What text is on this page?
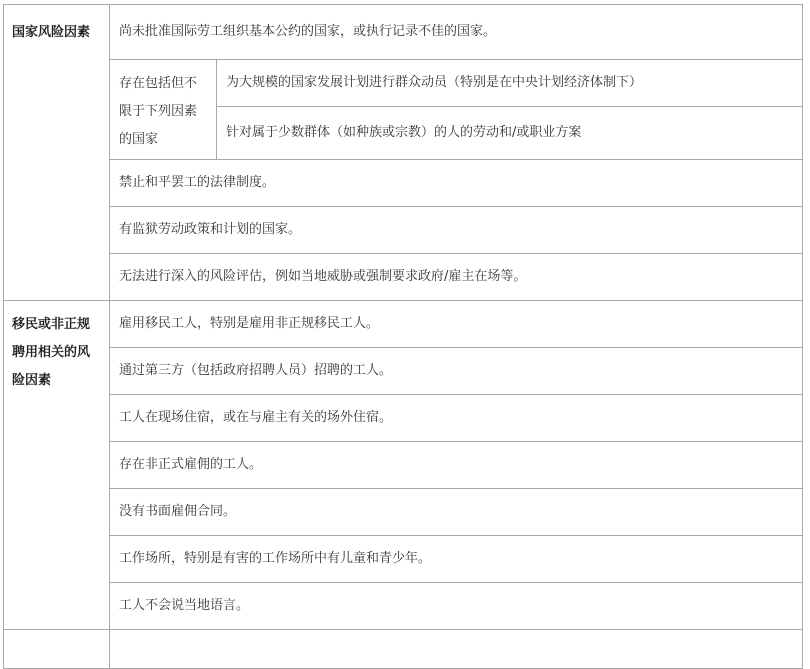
国家风险因素	尚未批准国际劳工组织基本公约的国家，或执行记录不佳的国家。
存在包括但不限于下列因素的国家
为大规模的国家发展计划进行群众动员（特别是在中央计划经济体制下）
针对属于少数群体（如种族或宗教）的人的劳动和/或职业方案
禁止和平罢工的法律制度。
有监狱劳动政策和计划的国家。
无法进行深入的风险评估，例如当地威胁或强制要求政府/雇主在场等。
移民或非正规聘用相关的风险因素
雇用移民工人，特别是雇用非正规移民工人。
通过第三方（包括政府招聘人员）招聘的工人。
工人在现场住宿，或在与雇主有关的场外住宿。
存在非正式雇佣的工人。
没有书面雇佣合同。
工作场所，特别是有害的工作场所中有儿童和青少年。
工人不会说当地语言。
